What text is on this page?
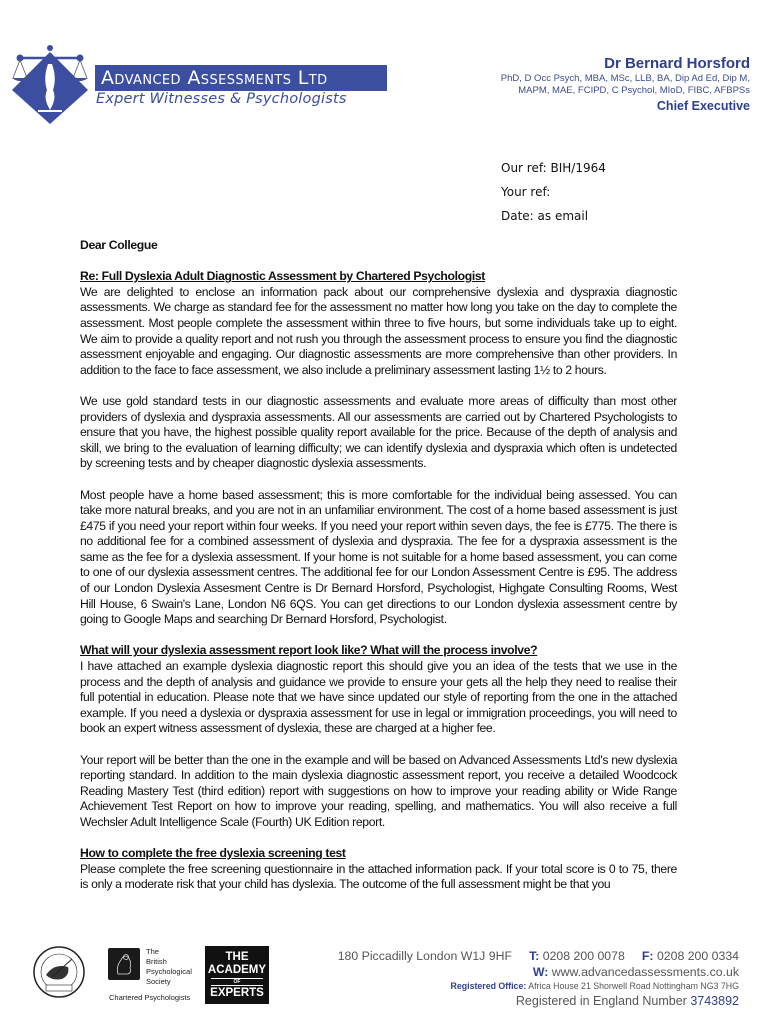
Advanced Assessments Ltd
Expert Witnesses & Psychologists
Dr Bernard Horsford
PhD, D Occ Psych, MBA, MSc, LLB, BA, Dip Ad Ed, Dip M,
MAPM, MAE, FCIPD, C Psychol, MIoD, FIBC, AFBPSs
Chief Executive
Our ref: BIH/1964
Your ref:
Date: as email

Dear Collegue

Re: Full Dyslexia Adult Diagnostic Assessment by Chartered Psychologist

We are delighted to enclose an information pack about our comprehensive dyslexia and dyspraxia diagnostic assessments. We charge as standard fee for the assessment no matter how long you take on the day to complete the assessment. Most people complete the assessment within three to five hours, but some individuals take up to eight. We aim to provide a quality report and not rush you through the assessment process to ensure you find the diagnostic assessment enjoyable and engaging. Our diagnostic assessments are more comprehensive than other providers. In addition to the face to face assessment, we also include a preliminary assessment lasting 1½ to 2 hours.

We use gold standard tests in our diagnostic assessments and evaluate more areas of difficulty than most other providers of dyslexia and dyspraxia assessments. All our assessments are carried out by Chartered Psychologists to ensure that you have, the highest possible quality report available for the price. Because of the depth of analysis and skill, we bring to the evaluation of learning difficulty; we can identify dyslexia and dyspraxia which often is undetected by screening tests and by cheaper diagnostic dyslexia assessments.

Most people have a home based assessment; this is more comfortable for the individual being assessed. You can take more natural breaks, and you are not in an unfamiliar environment. The cost of a home based assessment is just £475 if you need your report within four weeks. If you need your report within seven days, the fee is £775. The there is no additional fee for a combined assessment of dyslexia and dyspraxia. The fee for a dyspraxia assessment is the same as the fee for a dyslexia assessment. If your home is not suitable for a home based assessment, you can come to one of our dyslexia assessment centres. The additional fee for our London Assessment Centre is £95. The address of our London Dyslexia Assesment Centre is Dr Bernard Horsford, Psychologist, Highgate Consulting Rooms, West Hill House, 6 Swain's Lane, London N6 6QS. You can get directions to our London dyslexia assessment centre by going to Google Maps and searching Dr Bernard Horsford, Psychologist.

What will your dyslexia assessment report look like? What will the process involve?

I have attached an example dyslexia diagnostic report this should give you an idea of the tests that we use in the process and the depth of analysis and guidance we provide to ensure your gets all the help they need to realise their full potential in education. Please note that we have since updated our style of reporting from the one in the attached example. If you need a dyslexia or dyspraxia assessment for use in legal or immigration proceedings, you will need to book an expert witness assessment of dyslexia, these are charged at a higher fee.

Your report will be better than the one in the example and will be based on Advanced Assessments Ltd's new dyslexia reporting standard. In addition to the main dyslexia diagnostic assessment report, you receive a detailed Woodcock Reading Mastery Test (third edition) report with suggestions on how to improve your reading ability or Wide Range Achievement Test Report on how to improve your reading, spelling, and mathematics. You will also receive a full Wechsler Adult Intelligence Scale (Fourth) UK Edition report.

How to complete the free dyslexia screening test

Please complete the free screening questionnaire in the attached information pack. If your total score is 0 to 75, there is only a moderate risk that your child has dyslexia. The outcome of the full assessment might be that you

The
British
Psychological
Society
Chartered Psychologists
THE
ACADEMY
OF
EXPERTS
180 Piccadilly London W1J 9HF T: 0208 200 0078 F: 0208 200 0334
W: www.advancedassessments.co.uk
Registered Office: Africa House 21 Shorwell Road Nottingham NG3 7HG
Registered in England Number 3743892
